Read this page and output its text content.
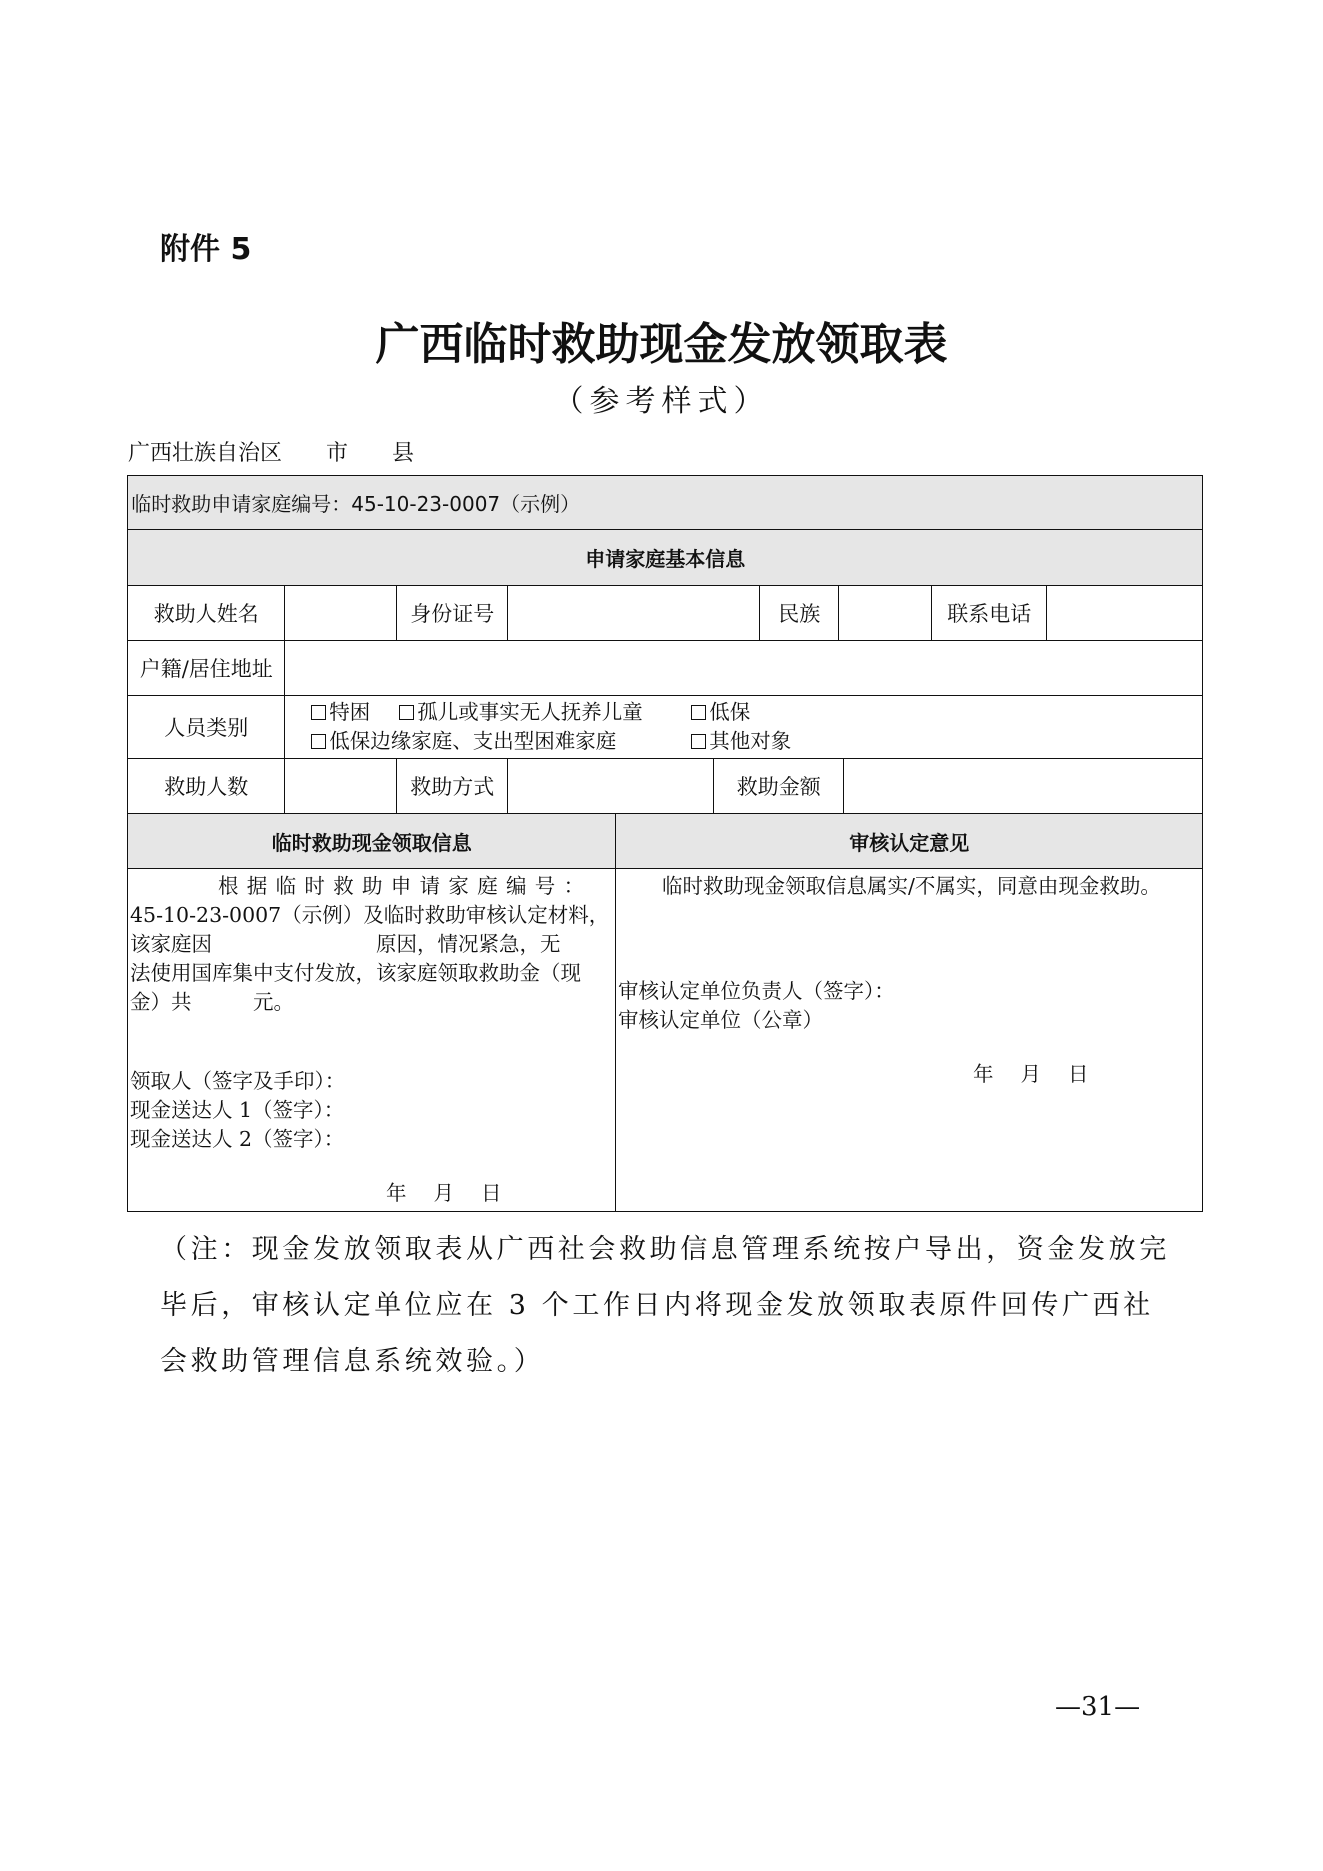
附件 5
广西临时救助现金发放领取表
（参考样式）
广西壮族自治区　　市　　县
临时救助申请家庭编号：45-10-23-0007（示例）
申请家庭基本信息
救助人姓名	身份证号	民族	联系电话
户籍/居住地址
人员类别
特困 孤儿或事实无人抚养儿童	低保
低保边缘家庭、支出型困难家庭	其他对象
救助人数	救助方式	救助金额
临时救助现金领取信息	审核认定意见
根据临时救助申请家庭编号：
45-10-23-0007（示例）及临时救助审核认定材料，
该家庭因　　　　　　　　原因，情况紧急，无
法使用国库集中支付发放，该家庭领取救助金（现
金）共　　　元。
领取人（签字及手印）：
现金送达人 1（签字）：
现金送达人 2（签字）：
年　 月　 日
临时救助现金领取信息属实/不属实，同意由现金救助。
审核认定单位负责人（签字）：
审核认定单位（公章）
年　 月　 日
（注：现金发放领取表从广西社会救助信息管理系统按户导出，资金发放完毕后，审核认定单位应在 3 个工作日内将现金发放领取表原件回传广西社会救助管理信息系统效验。）
—31—
